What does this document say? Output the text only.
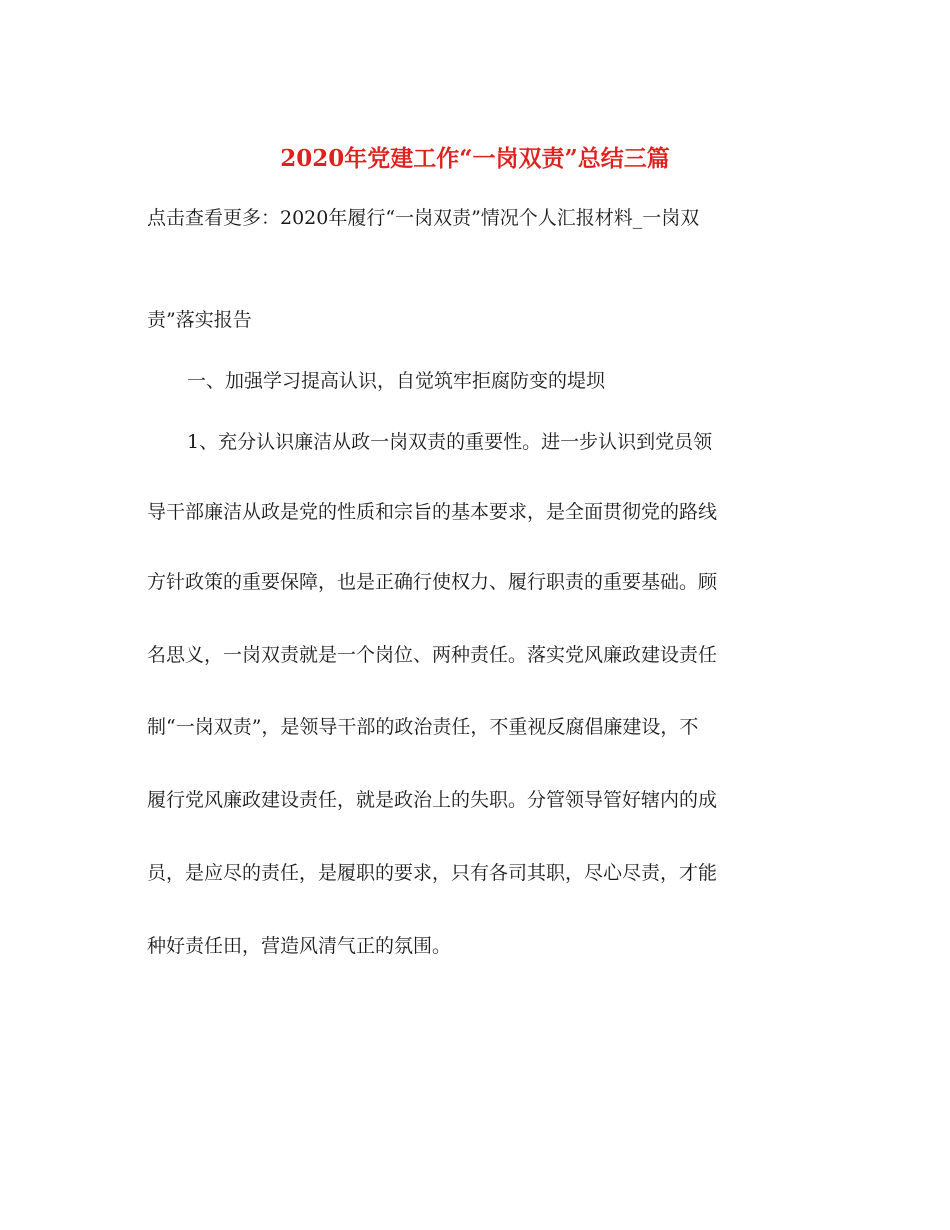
2020年党建工作“一岗双责”总结三篇
点击查看更多：2020年履行“一岗双责”情况个人汇报材料_一岗双
责”落实报告
一、加强学习提高认识，自觉筑牢拒腐防变的堤坝
1、充分认识廉洁从政一岗双责的重要性。进一步认识到党员领
导干部廉洁从政是党的性质和宗旨的基本要求，是全面贯彻党的路线
方针政策的重要保障，也是正确行使权力、履行职责的重要基础。顾
名思义，一岗双责就是一个岗位、两种责任。落实党风廉政建设责任
制“一岗双责”，是领导干部的政治责任，不重视反腐倡廉建设，不
履行党风廉政建设责任，就是政治上的失职。分管领导管好辖内的成
员，是应尽的责任，是履职的要求，只有各司其职，尽心尽责，才能
种好责任田，营造风清气正的氛围。
